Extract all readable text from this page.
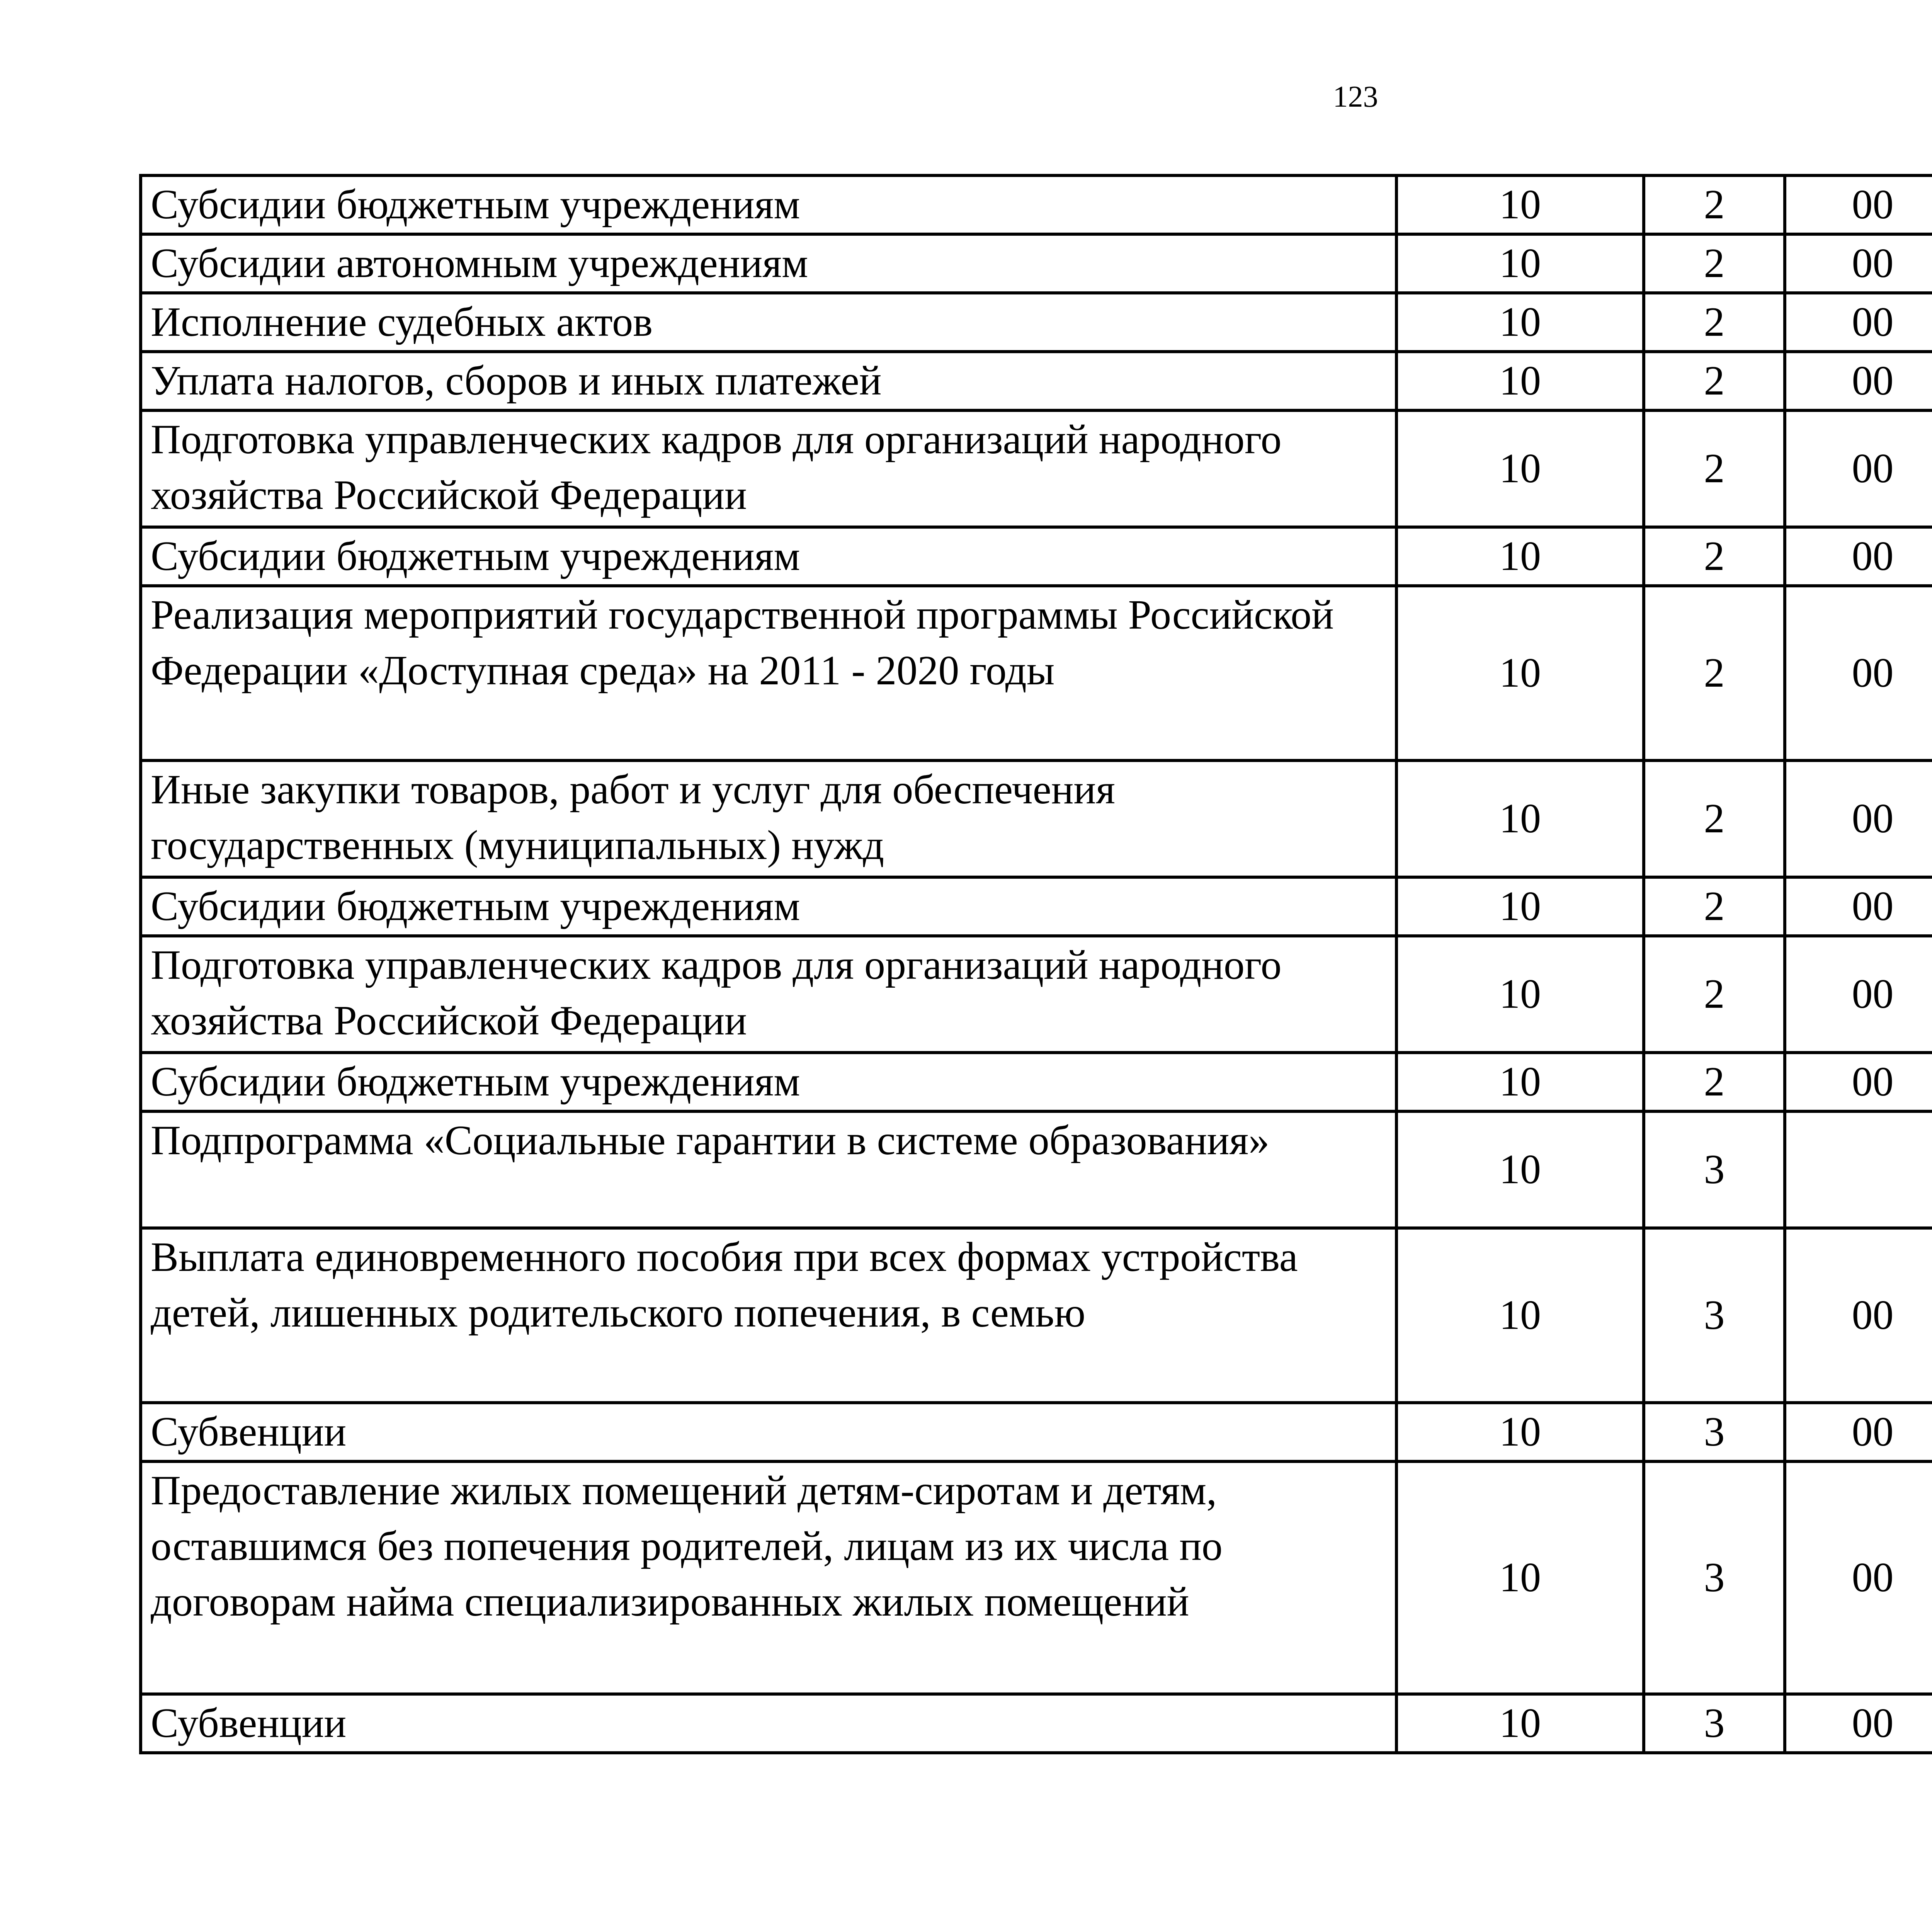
123
Субсидии бюджетным учреждениям	10	2	00			
Субсидии автономным учреждениям	10	2	00			
Исполнение судебных актов	10	2	00			
Уплата налогов, сборов и иных платежей	10	2	00			
Подготовка управленческих кадров для организаций народного хозяйства Российской Федерации	10	2	00			
Субсидии бюджетным учреждениям	10	2	00			
Реализация мероприятий государственной программы Российской Федерации «Доступная среда» на 2011 - 2020 годы	10	2	00			
Иные закупки товаров, работ и услуг для обеспечения государственных (муниципальных) нужд	10	2	00			
Субсидии бюджетным учреждениям	10	2	00			
Подготовка управленческих кадров для организаций народного хозяйства Российской Федерации	10	2	00			
Субсидии бюджетным учреждениям	10	2	00			
Подпрограмма «Социальные гарантии в системе образования»	10	3				
Выплата единовременного пособия при всех формах устройства детей, лишенных родительского попечения, в семью	10	3	00			
Субвенции	10	3	00			
Предоставление жилых помещений детям-сиротам и детям, оставшимся без попечения родителей, лицам из их числа по договорам найма специализированных жилых помещений	10	3	00			
Субвенции	10	3	00			
